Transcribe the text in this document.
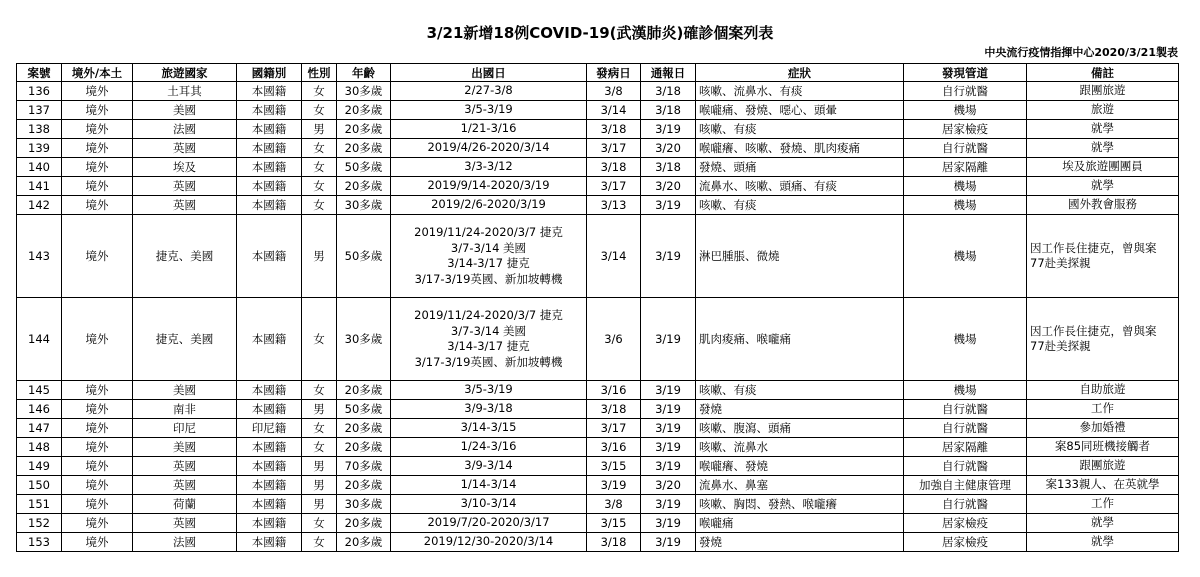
3/21新增18例COVID-19(武漢肺炎)確診個案列表
中央流行疫情指揮中心2020/3/21製表
案號	境外/本土	旅遊國家	國籍別	性別	年齡	出國日	發病日	通報日	症狀	發現管道	備註
136	境外	土耳其	本國籍	女	30多歲	2/27-3/8	3/8	3/18	咳嗽、流鼻水、有痰	自行就醫	跟團旅遊

137	境外	美國	本國籍	女	20多歲	3/5-3/19	3/14	3/18	喉嚨痛、發燒、噁心、頭暈	機場	旅遊

138	境外	法國	本國籍	男	20多歲	1/21-3/16	3/18	3/19	咳嗽、有痰	居家檢疫	就學

139	境外	英國	本國籍	女	20多歲	2019/4/26-2020/3/14	3/17	3/20	喉嚨癢、咳嗽、發燒、肌肉痠痛	自行就醫	就學

140	境外	埃及	本國籍	女	50多歲	3/3-3/12	3/18	3/18	發燒、頭痛	居家隔離	埃及旅遊團團員

141	境外	英國	本國籍	女	20多歲	2019/9/14-2020/3/19	3/17	3/20	流鼻水、咳嗽、頭痛、有痰	機場	就學

142	境外	英國	本國籍	女	30多歲	2019/2/6-2020/3/19	3/13	3/19	咳嗽、有痰	機場	國外教會服務

143	境外	捷克、美國	本國籍	男	50多歲	2019/11/24-2020/3/7 捷克
3/7-3/14 美國
3/14-3/17 捷克
3/17-3/19英國、新加坡轉機	3/14	3/19	淋巴腫脹、微燒	機場	因工作長住捷克，曾與案
77赴美探親

144	境外	捷克、美國	本國籍	女	30多歲	2019/11/24-2020/3/7 捷克
3/7-3/14 美國
3/14-3/17 捷克
3/17-3/19英國、新加坡轉機	3/6	3/19	肌肉痠痛、喉嚨痛	機場	因工作長住捷克，曾與案
77赴美探親

145	境外	美國	本國籍	女	20多歲	3/5-3/19	3/16	3/19	咳嗽、有痰	機場	自助旅遊

146	境外	南非	本國籍	男	50多歲	3/9-3/18	3/18	3/19	發燒	自行就醫	工作

147	境外	印尼	印尼籍	女	20多歲	3/14-3/15	3/17	3/19	咳嗽、腹瀉、頭痛	自行就醫	參加婚禮

148	境外	美國	本國籍	女	20多歲	1/24-3/16	3/16	3/19	咳嗽、流鼻水	居家隔離	案85同班機接觸者

149	境外	英國	本國籍	男	70多歲	3/9-3/14	3/15	3/19	喉嚨癢、發燒	自行就醫	跟團旅遊

150	境外	英國	本國籍	男	20多歲	1/14-3/14	3/19	3/20	流鼻水、鼻塞	加強自主健康管理	案133親人、在英就學

151	境外	荷蘭	本國籍	男	30多歲	3/10-3/14	3/8	3/19	咳嗽、胸悶、發熱、喉嚨癢	自行就醫	工作

152	境外	英國	本國籍	女	20多歲	2019/7/20-2020/3/17	3/15	3/19	喉嚨痛	居家檢疫	就學

153	境外	法國	本國籍	女	20多歲	2019/12/30-2020/3/14	3/18	3/19	發燒	居家檢疫	就學
